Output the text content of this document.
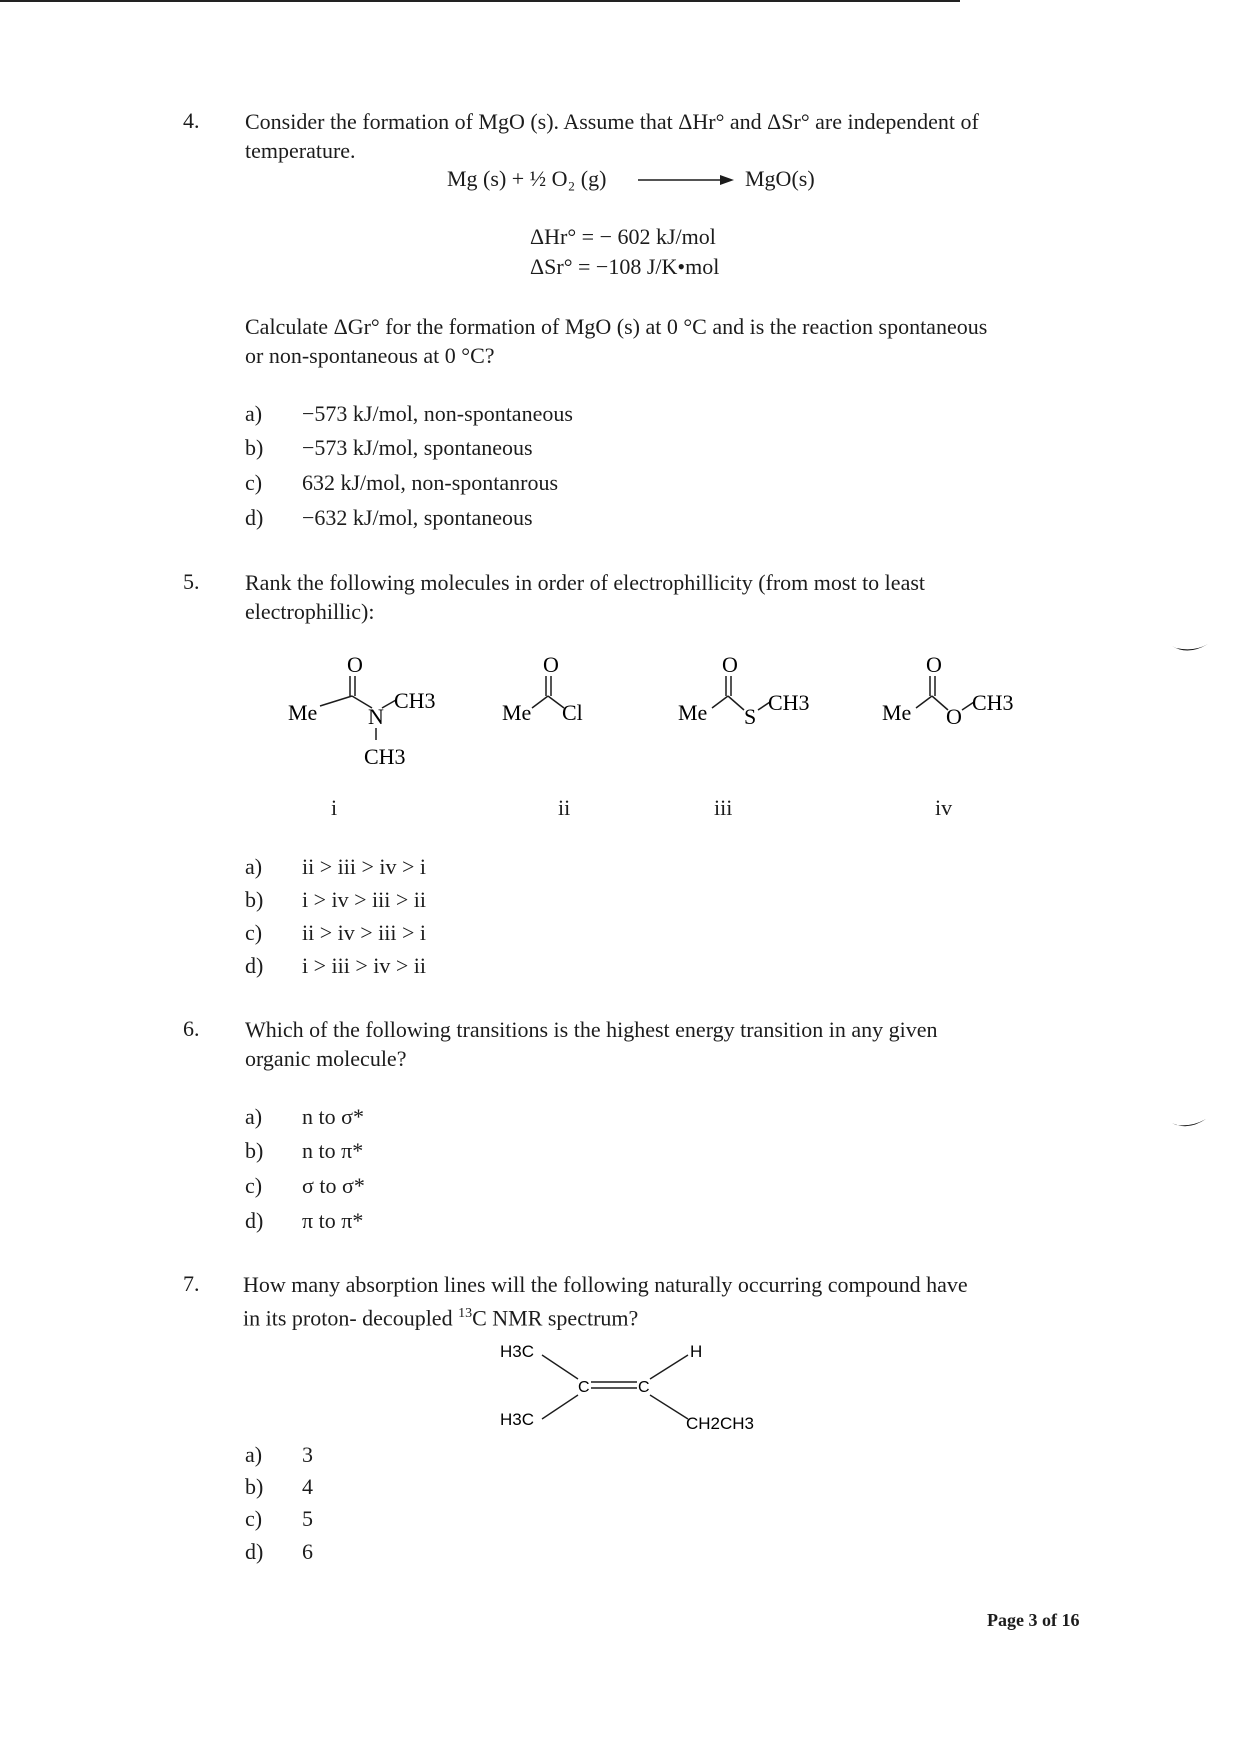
4. Consider the formation of MgO (s). Assume that ΔHr° and ΔSr° are independent of
temperature.
Mg (s) + ½ O₂ (g)	MgO(s)
ΔHr° = − 602 kJ/mol
ΔSr° = −108 J/K•mol
Calculate ΔGr° for the formation of MgO (s) at 0 °C and is the reaction spontaneous
or non-spontaneous at 0 °C?
a) −573 kJ/mol, non-spontaneous
b) −573 kJ/mol, spontaneous
c) 632 kJ/mol, non-spontanrous
d) −632 kJ/mol, spontaneous
5. Rank the following molecules in order of electrophillicity (from most to least
electrophillic):
O
Me N
CH3
CH3
O
Me Cl
O
Me S
CH3
O
Me O
CH3
i	ii	iii	iv
a) ii > iii > iv > i
b) i > iv > iii > ii
c) ii > iv > iii > i
d) i > iii > iv > ii
6. Which of the following transitions is the highest energy transition in any given
organic molecule?
a) n to σ*
b) n to π*
c) σ to σ*
d) π to π*
7. How many absorption lines will the following naturally occurring compound have
in its proton- decoupled $^{13}$C NMR spectrum?
H3C
H3C
C	C
H
CH2CH3
a) 3
b) 4
c) 5
d) 6
Page 3 of 16
